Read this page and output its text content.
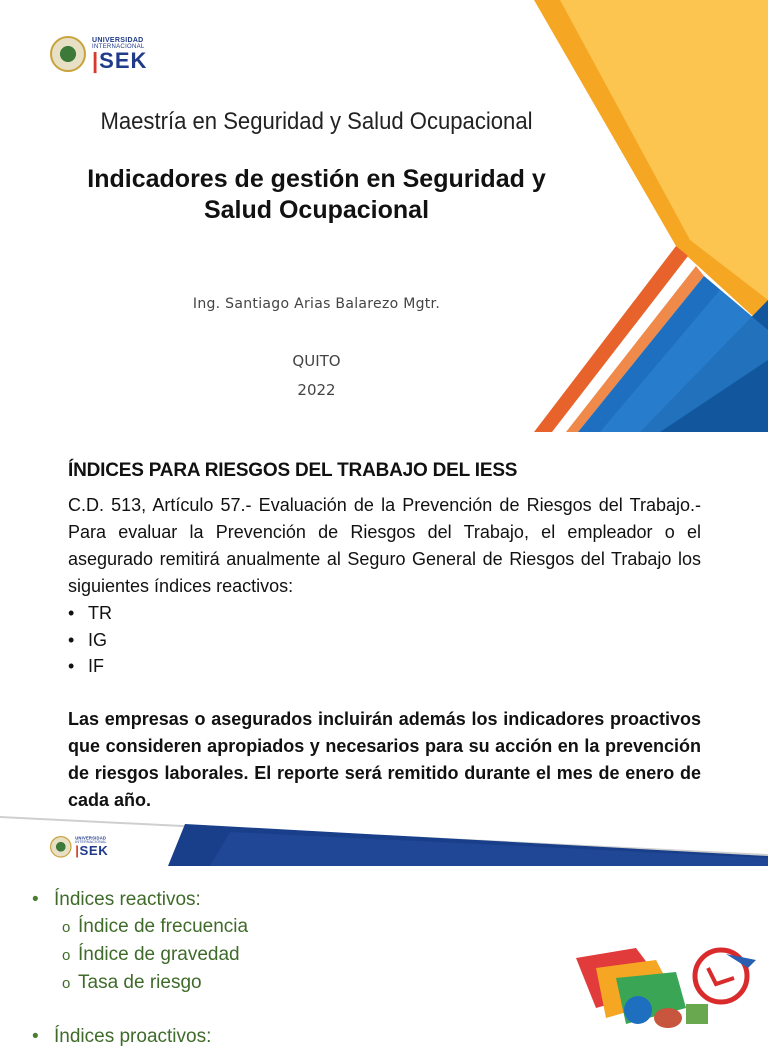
UNIVERSIDAD
INTERNACIONAL
|SEK
Maestría en Seguridad y Salud Ocupacional
Indicadores de gestión en Seguridad y
Salud Ocupacional
Ing. Santiago Arias Balarezo Mgtr.
QUITO
2022
ÍNDICES PARA RIESGOS DEL TRABAJO DEL IESS
C.D. 513, Artículo 57.- Evaluación de la Prevención de Riesgos del Trabajo.- Para evaluar la Prevención de Riesgos del Trabajo, el empleador o el asegurado remitirá anualmente al Seguro General de Riesgos del Trabajo los siguientes índices reactivos:
• TR
• IG
• IF
Las empresas o asegurados incluirán además los indicadores proactivos que consideren apropiados y necesarios para su acción en la prevención de riesgos laborales. El reporte será remitido durante el mes de enero de cada año.
UNIVERSIDAD
INTERNACIONAL
|SEK
• Índices reactivos:
o Índice de frecuencia
o Índice de gravedad
o Tasa de riesgo
• Índices proactivos:
